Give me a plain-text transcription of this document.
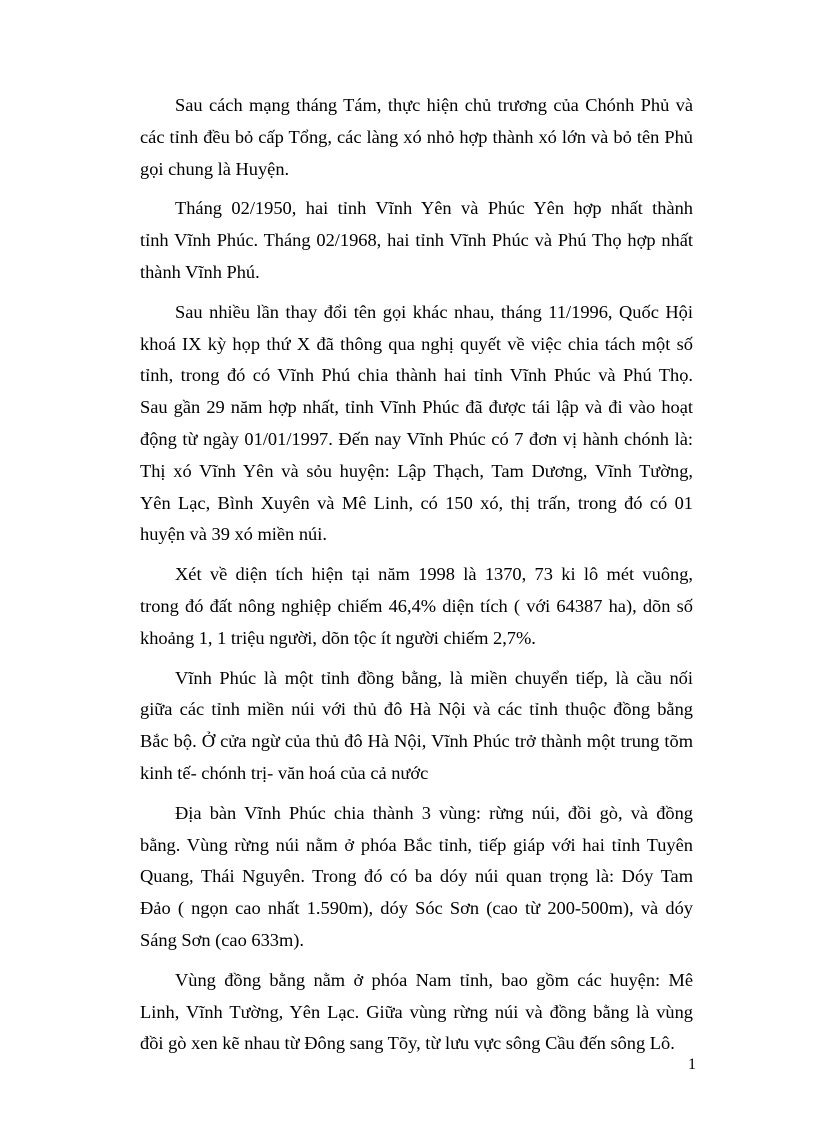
Sau cách mạng tháng Tám, thực hiện chủ trương của Chónh Phủ và
các tỉnh đều bỏ cấp Tổng, các làng xó nhỏ hợp thành xó lớn và bỏ tên Phủ
gọi chung là Huyện.

Tháng 02/1950, hai tỉnh Vĩnh Yên và Phúc Yên hợp nhất thành
tỉnh Vĩnh Phúc. Tháng 02/1968, hai tỉnh Vĩnh Phúc và Phú Thọ hợp nhất
thành Vĩnh Phú.

Sau nhiều lần thay đổi tên gọi khác nhau, tháng 11/1996, Quốc Hội
khoá IX kỳ họp thứ X đã thông qua nghị quyết về việc chia tách một số
tỉnh, trong đó có Vĩnh Phú chia thành hai tỉnh Vĩnh Phúc và Phú Thọ.
Sau gần 29 năm hợp nhất, tỉnh Vĩnh Phúc đã được tái lập và đi vào hoạt
động từ ngày 01/01/1997. Đến nay Vĩnh Phúc có 7 đơn vị hành chónh là:
Thị xó Vĩnh Yên và sỏu huyện: Lập Thạch, Tam Dương, Vĩnh Tường,
Yên Lạc, Bình Xuyên và Mê Linh, có 150 xó, thị trấn, trong đó có 01
huyện và 39 xó miền núi.

Xét về diện tích hiện tại năm 1998 là 1370, 73 ki lô mét vuông,
trong đó đất nông nghiệp chiếm 46,4% diện tích ( với 64387 ha), dõn số
khoảng 1, 1 triệu người, dõn tộc ít người chiếm 2,7%.

Vĩnh Phúc là một tỉnh đồng bằng, là miền chuyển tiếp, là cầu nối
giữa các tỉnh miền núi với thủ đô Hà Nội và các tỉnh thuộc đồng bằng
Bắc bộ. Ở cửa ngừ của thủ đô Hà Nội, Vĩnh Phúc trở thành một trung tõm
kinh tế- chónh trị- văn hoá của cả nước

Địa bàn Vĩnh Phúc chia thành 3 vùng: rừng núi, đồi gò, và đồng
bằng. Vùng rừng núi nằm ở phóa Bắc tỉnh, tiếp giáp với hai tỉnh Tuyên
Quang, Thái Nguyên. Trong đó có ba dóy núi quan trọng là: Dóy Tam
Đảo ( ngọn cao nhất 1.590m), dóy Sóc Sơn (cao từ 200-500m), và dóy
Sáng Sơn (cao 633m).

Vùng đồng bằng nằm ở phóa Nam tỉnh, bao gồm các huyện: Mê
Linh, Vĩnh Tường, Yên Lạc. Giữa vùng rừng núi và đồng bằng là vùng
đồi gò xen kẽ nhau từ Đông sang Tõy, từ lưu vực sông Cầu đến sông Lô.

1
